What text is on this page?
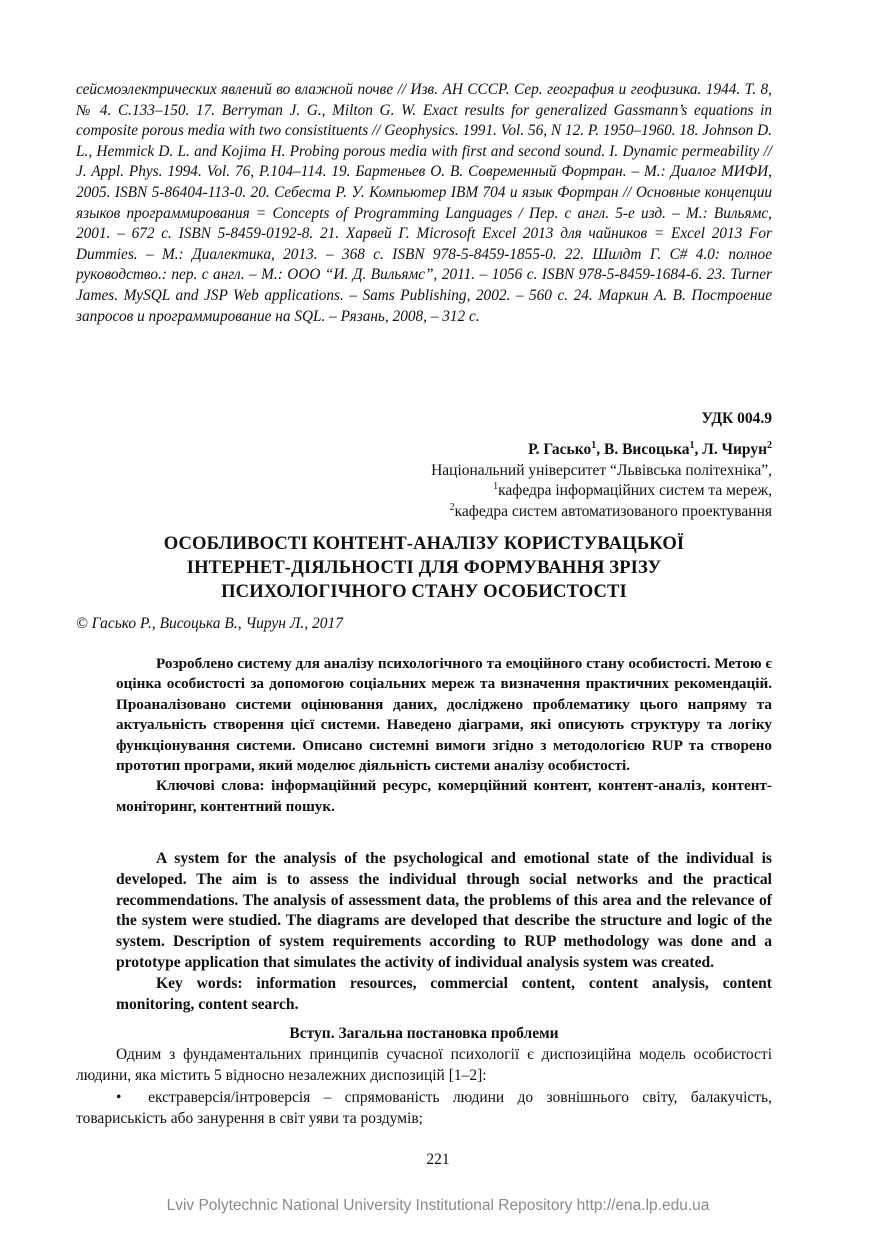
сейсмоэлектрических явлений во влажной почве // Изв. АН СССР. Сер. география и геофизика. 1944. Т. 8, № 4. С.133–150. 17. Berryman J. G., Milton G. W. Exact results for generalized Gassmann’s equations in composite porous media with two consistituents // Geophysics. 1991. Vol. 56, N 12. P. 1950–1960. 18. Johnson D. L., Hemmick D. L. and Kojima H. Probing porous media with first and second sound. I. Dynamic permeability // J. Appl. Phys. 1994. Vol. 76, P.104–114. 19. Бартеньев О. В. Современный Фортран. – М.: Диалог МИФИ, 2005. ISBN 5-86404-113-0. 20. Себеста Р. У. Компьютер IBM 704 и язык Фортран // Основные концепции языков программирования = Concepts of Programming Languages / Пер. с англ. 5-е изд. – М.: Вильямс, 2001. – 672 с. ISBN 5-8459-0192-8. 21. Харвей Г. Microsoft Excel 2013 для чайников = Excel 2013 For Dummies. – М.: Диалектика, 2013. – 368 с. ISBN 978-5-8459-1855-0. 22. Шилдт Г. C# 4.0: полное руководство.: пер. с англ. – М.: ООО “И. Д. Вильямс”, 2011. – 1056 с. ISBN 978-5-8459-1684-6. 23. Turner James. MySQL and JSP Web applications. – Sams Publishing, 2002. – 560 с. 24. Маркин А. В. Построение запросов и программирование на SQL. – Рязань, 2008, – 312 с.
УДК 004.9
Р. Гасько$^1$, В. Висоцька$^1$, Л. Чирун$^2$
Національний університет “Львівська політехніка”,
$^1$кафедра інформаційних систем та мереж,
$^2$кафедра систем автоматизованого проектування
ОСОБЛИВОСТІ КОНТЕНТ-АНАЛІЗУ КОРИСТУВАЦЬКОЇ
ІНТЕРНЕТ-ДІЯЛЬНОСТІ ДЛЯ ФОРМУВАННЯ ЗРІЗУ
ПСИХОЛОГІЧНОГО СТАНУ ОСОБИСТОСТІ
© Гасько Р., Висоцька В., Чирун Л., 2017

Розроблено систему для аналізу психологічного та емоційного стану особистості. Метою є оцінка особистості за допомогою соціальних мереж та визначення практичних рекомендацій. Проаналізовано системи оцінювання даних, досліджено проблематику цього напряму та актуальність створення цієї системи. Наведено діаграми, які описують структуру та логіку функціонування системи. Описано системні вимоги згідно з методологією RUP та створено прототип програми, який моделює діяльність системи аналізу особистості.

Ключові слова: інформаційний ресурс, комерційний контент, контент-аналіз, контент-моніторинг, контентний пошук.

A system for the analysis of the psychological and emotional state of the individual is developed. The aim is to assess the individual through social networks and the practical recommendations. The analysis of assessment data, the problems of this area and the relevance of the system were studied. The diagrams are developed that describe the structure and logic of the system. Description of system requirements according to RUP methodology was done and a prototype application that simulates the activity of individual analysis system was created.

Key words: information resources, commercial content, content analysis, content monitoring, content search.

Вступ. Загальна постановка проблеми

Одним з фундаментальних принципів сучасної психології є диспозиційна модель особистості людини, яка містить 5 відносно незалежних диспозицій [1–2]:

• екстраверсія/інтроверсія – спрямованість людини до зовнішнього світу, балакучість, товариськість або занурення в світ уяви та роздумів;

221
Lviv Polytechnic National University Institutional Repository http://ena.lp.edu.ua
